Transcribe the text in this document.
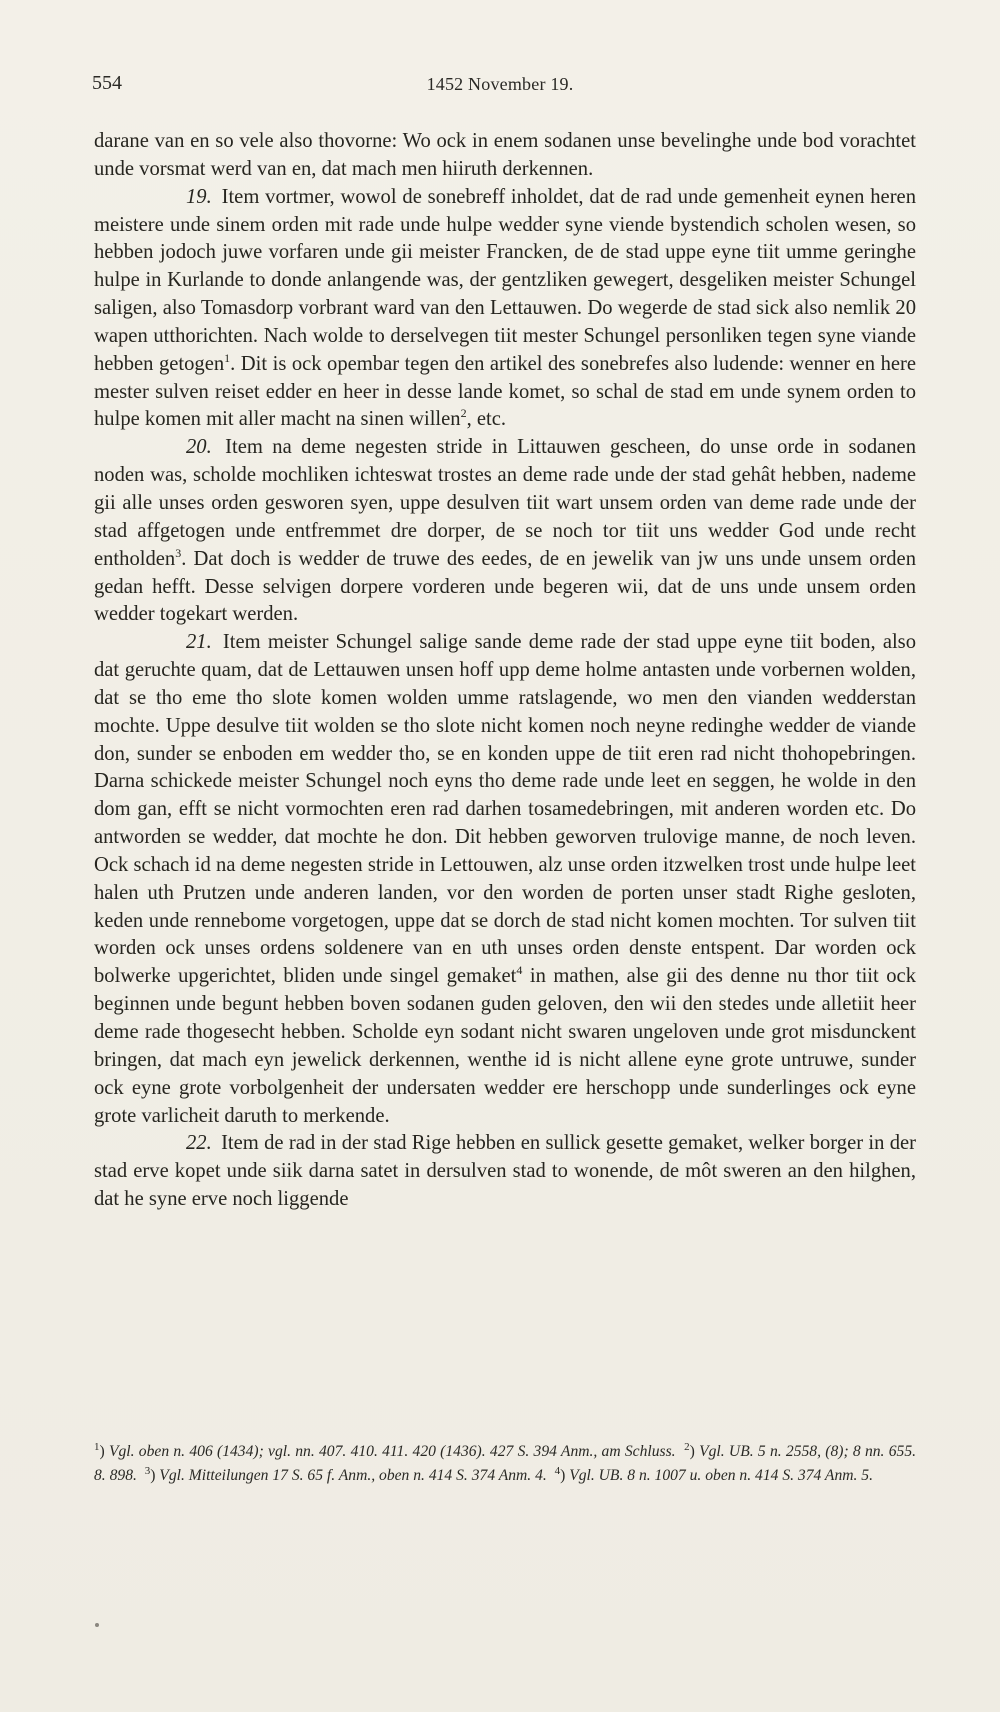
554	1452 November 19.

darane van en so vele also thovorne: Wo ock in enem sodanen unse bevelinghe unde bod vorachtet unde vorsmat werd van en, dat mach men hiiruth derkennen.

19. Item vortmer, wowol de sonebreff inholdet, dat de rad unde gemenheit eynen heren meistere unde sinem orden mit rade unde hulpe wedder syne viende bystendich scholen wesen, so hebben jodoch juwe vorfaren unde gii meister Francken, de de stad uppe eyne tiit umme geringhe hulpe in Kurlande to donde anlangende was, der gentzliken gewegert, desgeliken meister Schungel saligen, also Tomasdorp vorbrant ward van den Lettauwen. Do wegerde de stad sick also nemlik 20 wapen utthorichten. Nach wolde to derselvegen tiit mester Schungel personliken tegen syne viande hebben getogen$^1$. Dit is ock opembar tegen den artikel des sonebrefes also ludende: wenner en here mester sulven reiset edder en heer in desse lande komet, so schal de stad em unde synem orden to hulpe komen mit aller macht na sinen willen$^2$, etc.

20. Item na deme negesten stride in Littauwen gescheen, do unse orde in sodanen noden was, scholde mochliken ichteswat trostes an deme rade unde der stad gehât hebben, nademe gii alle unses orden gesworen syen, uppe desulven tiit wart unsem orden van deme rade unde der stad affgetogen unde entfremmet dre dorper, de se noch tor tiit uns wedder God unde recht entholden$^3$. Dat doch is wedder de truwe des eedes, de en jewelik van jw uns unde unsem orden gedan hefft. Desse selvigen dorpere vorderen unde begeren wii, dat de uns unde unsem orden wedder togekart werden.

21. Item meister Schungel salige sande deme rade der stad uppe eyne tiit boden, also dat geruchte quam, dat de Lettauwen unsen hoff upp deme holme antasten unde vorbernen wolden, dat se tho eme tho slote komen wolden umme ratslagende, wo men den vianden wedderstan mochte. Uppe desulve tiit wolden se tho slote nicht komen noch neyne redinghe wedder de viande don, sunder se enboden em wedder tho, se en konden uppe de tiit eren rad nicht thohopebringen. Darna schickede meister Schungel noch eyns tho deme rade unde leet en seggen, he wolde in den dom gan, efft se nicht vormochten eren rad darhen tosamedebringen, mit anderen worden etc. Do antworden se wedder, dat mochte he don. Dit hebben geworven trulovige manne, de noch leven. Ock schach id na deme negesten stride in Lettouwen, alz unse orden itzwelken trost unde hulpe leet halen uth Prutzen unde anderen landen, vor den worden de porten unser stadt Righe gesloten, keden unde rennebome vorgetogen, uppe dat se dorch de stad nicht komen mochten. Tor sulven tiit worden ock unses ordens soldenere van en uth unses orden denste entspent. Dar worden ock bolwerke upgerichtet, bliden unde singel gemaket$^4$ in mathen, alse gii des denne nu thor tiit ock beginnen unde begunt hebben boven sodanen guden geloven, den wii den stedes unde alletiit heer deme rade thogesecht hebben. Scholde eyn sodant nicht swaren ungeloven unde grot misdunckent bringen, dat mach eyn jewelick derkennen, wenthe id is nicht allene eyne grote untruwe, sunder ock eyne grote vorbolgenheit der undersaten wedder ere herschopp unde sunderlinges ock eyne grote varlicheit daruth to merkende.

22. Item de rad in der stad Rige hebben en sullick gesette gemaket, welker borger in der stad erve kopet unde siik darna satet in dersulven stad to wonende, de môt sweren an den hilghen, dat he syne erve noch liggende

$^1$) Vgl. oben n. 406 (1434); vgl. nn. 407. 410. 411. 420 (1436). 427 S. 394 Anm., am Schluss. $^2$) Vgl. UB. 5 n. 2558, (8); 8 nn. 655. 8. 898. $^3$) Vgl. Mitteilungen 17 S. 65 f. Anm., oben n. 414 S. 374 Anm. 4. $^4$) Vgl. UB. 8 n. 1007 u. oben n. 414 S. 374 Anm. 5.
